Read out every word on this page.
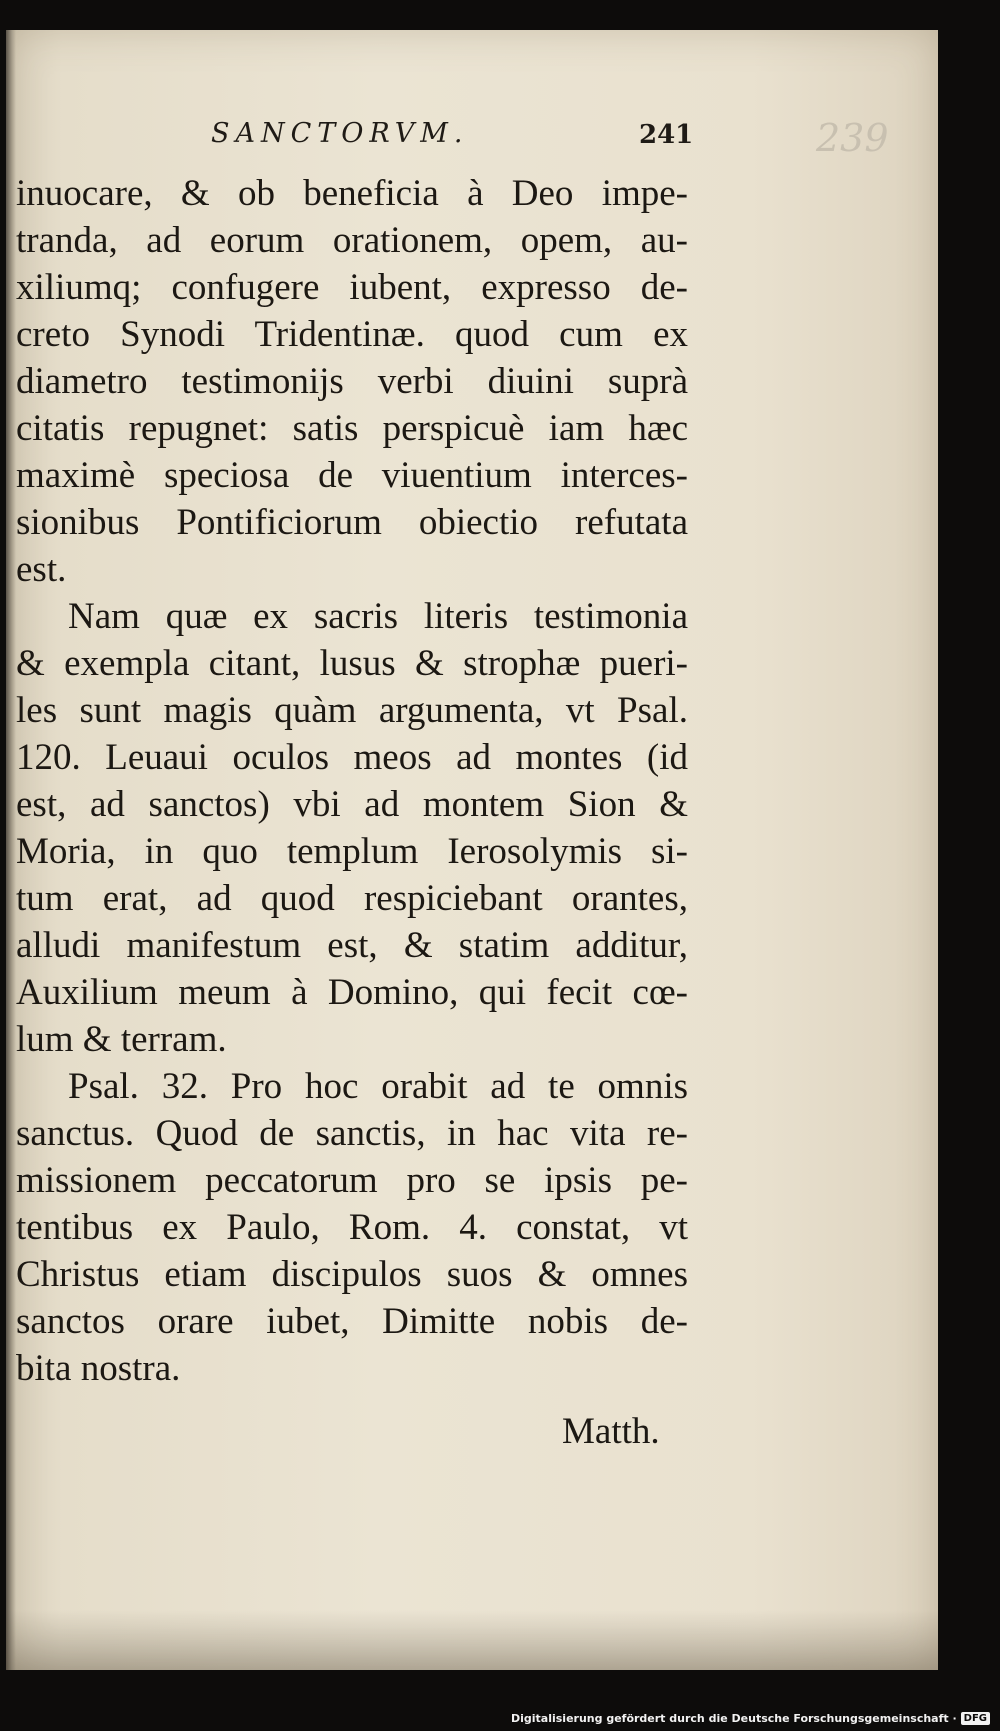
SANCTORVM.	241	239
inuocare, & ob beneficia à Deo impe-
tranda, ad eorum orationem, opem, au-
xiliumq; confugere iubent, expresso de-
creto Synodi Tridentinæ. quod cum ex
diametro testimonijs verbi diuini suprà
citatis repugnet: satis perspicuè iam hæc
maximè speciosa de viuentium interces-
sionibus Pontificiorum obiectio refutata
est.
Nam quæ ex sacris literis testimonia
& exempla citant, lusus & strophæ pueri-
les sunt magis quàm argumenta, vt Psal.
120. Leuaui oculos meos ad montes (id
est, ad sanctos) vbi ad montem Sion &
Moria, in quo templum Ierosolymis si-
tum erat, ad quod respiciebant orantes,
alludi manifestum est, & statim additur,
Auxilium meum à Domino, qui fecit cœ-
lum & terram.
Psal. 32. Pro hoc orabit ad te omnis
sanctus. Quod de sanctis, in hac vita re-
missionem peccatorum pro se ipsis pe-
tentibus ex Paulo, Rom. 4. constat, vt
Christus etiam discipulos suos & omnes
sanctos orare iubet, Dimitte nobis de-
bita nostra.
Matth.
Digitalisierung gefördert durch die Deutsche Forschungsgemeinschaft · DFG
